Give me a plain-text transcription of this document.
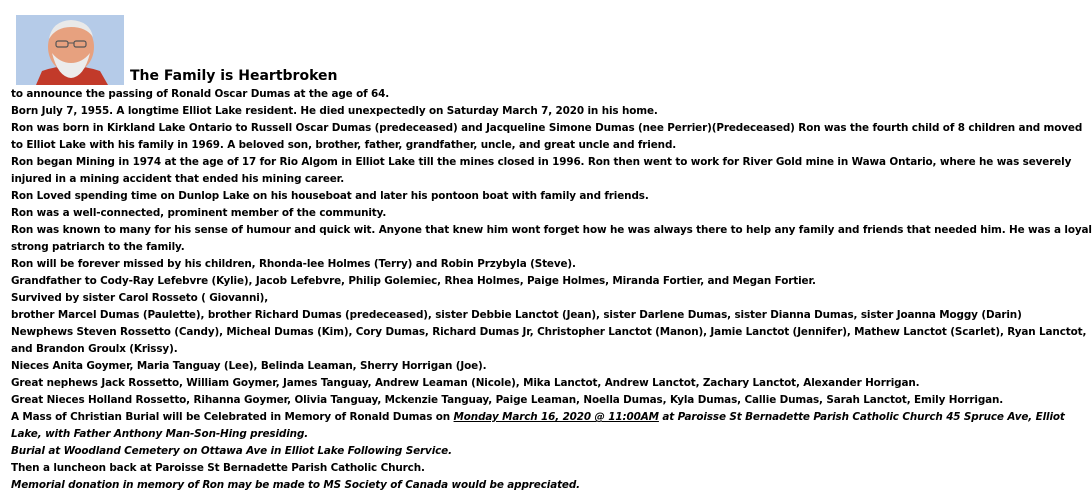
The Family is Heartbroken
to announce the passing of Ronald Oscar Dumas at the age of 64.
Born July 7, 1955. A longtime Elliot Lake resident. He died unexpectedly on Saturday March 7, 2020 in his home.
Ron was born in Kirkland Lake Ontario to Russell Oscar Dumas (predeceased) and Jacqueline Simone Dumas (nee Perrier)(Predeceased) Ron was the fourth child of 8 children and moved
to Elliot Lake with his family in 1969. A beloved son, brother, father, grandfather, uncle, and great uncle and friend.
Ron began Mining in 1974 at the age of 17 for Rio Algom in Elliot Lake till the mines closed in 1996. Ron then went to work for River Gold mine in Wawa Ontario, where he was severely
injured in a mining accident that ended his mining career.
Ron Loved spending time on Dunlop Lake on his houseboat and later his pontoon boat with family and friends.
Ron was a well-connected, prominent member of the community.
Ron was known to many for his sense of humour and quick wit. Anyone that knew him wont forget how he was always there to help any family and friends that needed him. He was a loyal
strong patriarch to the family.
Ron will be forever missed by his children, Rhonda-lee Holmes (Terry) and Robin Przybyla (Steve).
Grandfather to Cody-Ray Lefebvre (Kylie), Jacob Lefebvre, Philip Golemiec, Rhea Holmes, Paige Holmes, Miranda Fortier, and Megan Fortier.
Survived by sister Carol Rosseto ( Giovanni),
brother Marcel Dumas (Paulette), brother Richard Dumas (predeceased), sister Debbie Lanctot (Jean), sister Darlene Dumas, sister Dianna Dumas, sister Joanna Moggy (Darin)
Newphews Steven Rossetto (Candy), Micheal Dumas (Kim), Cory Dumas, Richard Dumas Jr, Christopher Lanctot (Manon), Jamie Lanctot (Jennifer), Mathew Lanctot (Scarlet), Ryan Lanctot,
and Brandon Groulx (Krissy).
Nieces Anita Goymer, Maria Tanguay (Lee), Belinda Leaman, Sherry Horrigan (Joe).
Great nephews Jack Rossetto, William Goymer, James Tanguay, Andrew Leaman (Nicole), Mika Lanctot, Andrew Lanctot, Zachary Lanctot, Alexander Horrigan.
Great Nieces Holland Rossetto, Rihanna Goymer, Olivia Tanguay, Mckenzie Tanguay, Paige Leaman, Noella Dumas, Kyla Dumas, Callie Dumas, Sarah Lanctot, Emily Horrigan.
A Mass of Christian Burial will be Celebrated in Memory of Ronald Dumas on Monday March 16, 2020 @ 11:00AM at Paroisse St Bernadette Parish Catholic Church 45 Spruce Ave, Elliot
Lake, with Father Anthony Man-Son-Hing presiding.
Burial at Woodland Cemetery on Ottawa Ave in Elliot Lake Following Service.
Then a luncheon back at Paroisse St Bernadette Parish Catholic Church.
Memorial donation in memory of Ron may be made to MS Society of Canada would be appreciated.
